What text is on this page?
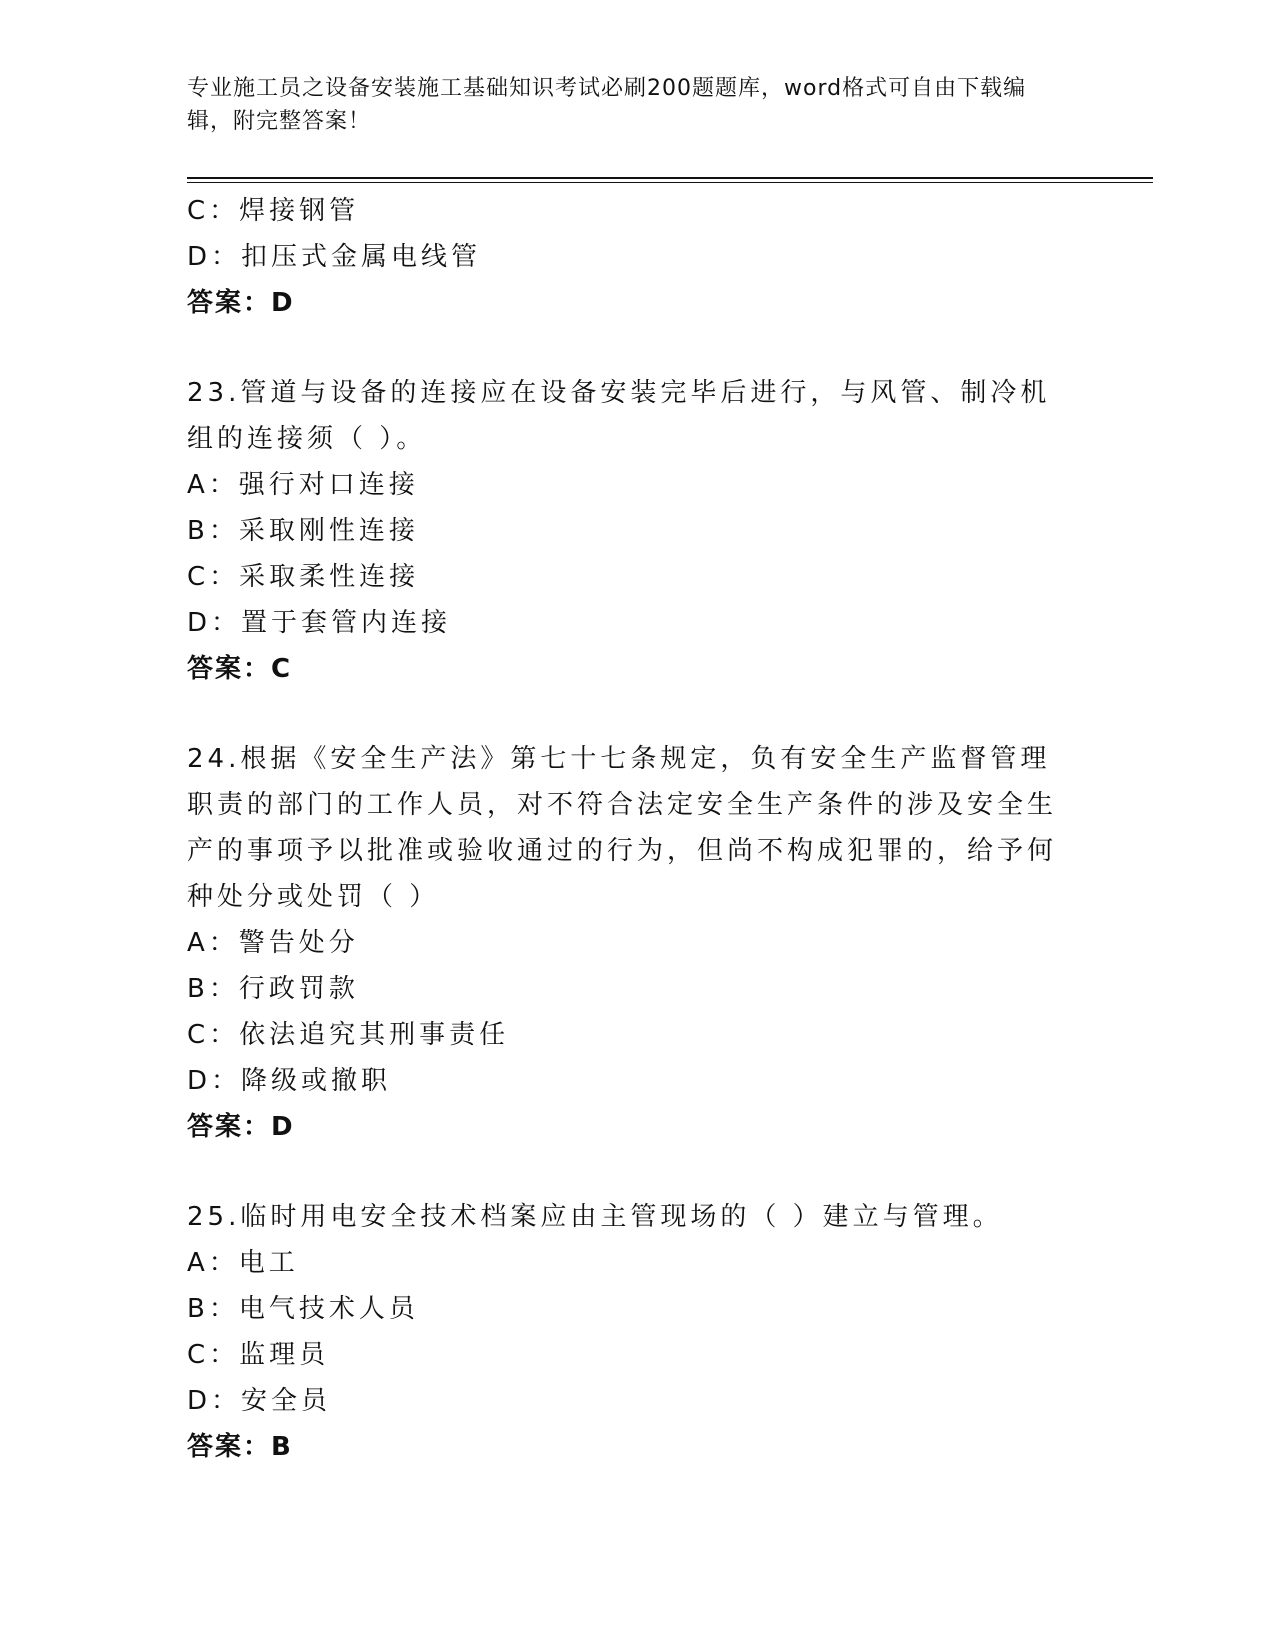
专业施工员之设备安装施工基础知识考试必刷200题题库，word格式可自由下载编辑，附完整答案！
C：焊接钢管
D：扣压式金属电线管
答案：D
23.管道与设备的连接应在设备安装完毕后进行，与风管、制冷机组的连接须（ ）。
A：强行对口连接
B：采取刚性连接
C：采取柔性连接
D：置于套管内连接
答案：C
24.根据《安全生产法》第七十七条规定，负有安全生产监督管理职责的部门的工作人员，对不符合法定安全生产条件的涉及安全生产的事项予以批准或验收通过的行为，但尚不构成犯罪的，给予何种处分或处罚（ ）
A：警告处分
B：行政罚款
C：依法追究其刑事责任
D：降级或撤职
答案：D
25.临时用电安全技术档案应由主管现场的（ ）建立与管理。
A：电工
B：电气技术人员
C：监理员
D：安全员
答案：B
